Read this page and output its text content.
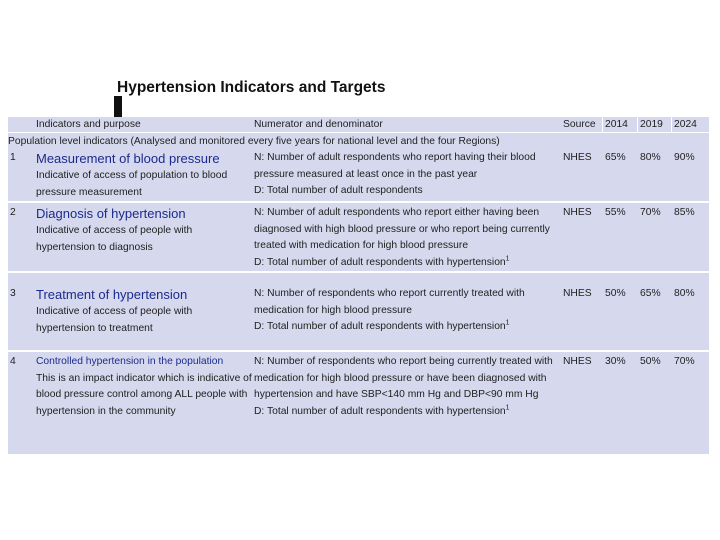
Hypertension Indicators and Targets
Indicators and purpose	Numerator and denominator	Source 2014 2019 2024
Population level indicators (Analysed and monitored every five years for national level and the four Regions)
1 Measurement of blood pressure
Indicative of access of population to blood pressure measurement
N: Number of adult respondents who report having their blood pressure measured at least once in the past year
D: Total number of adult respondents
NHES 65% 80% 90%
2 Diagnosis of hypertension
Indicative of access of people with hypertension to diagnosis
N: Number of adult respondents who report either having been diagnosed with high blood pressure or who report being currently treated with medication for high blood pressure
D: Total number of adult respondents with hypertension$^1$
NHES 55% 70% 85%
3 Treatment of hypertension
Indicative of access of people with hypertension to treatment
N: Number of respondents who report currently treated with medication for high blood pressure
D: Total number of adult respondents with hypertension$^1$
NHES 50% 65% 80%
4 Controlled hypertension in the population
This is an impact indicator which is indicative of blood pressure control among ALL people with hypertension in the community
N: Number of respondents who report being currently treated with medication for high blood pressure or have been diagnosed with hypertension and have SBP<140 mm Hg and DBP<90 mm Hg
D: Total number of adult respondents with hypertension$^1$
NHES 30% 50% 70%
